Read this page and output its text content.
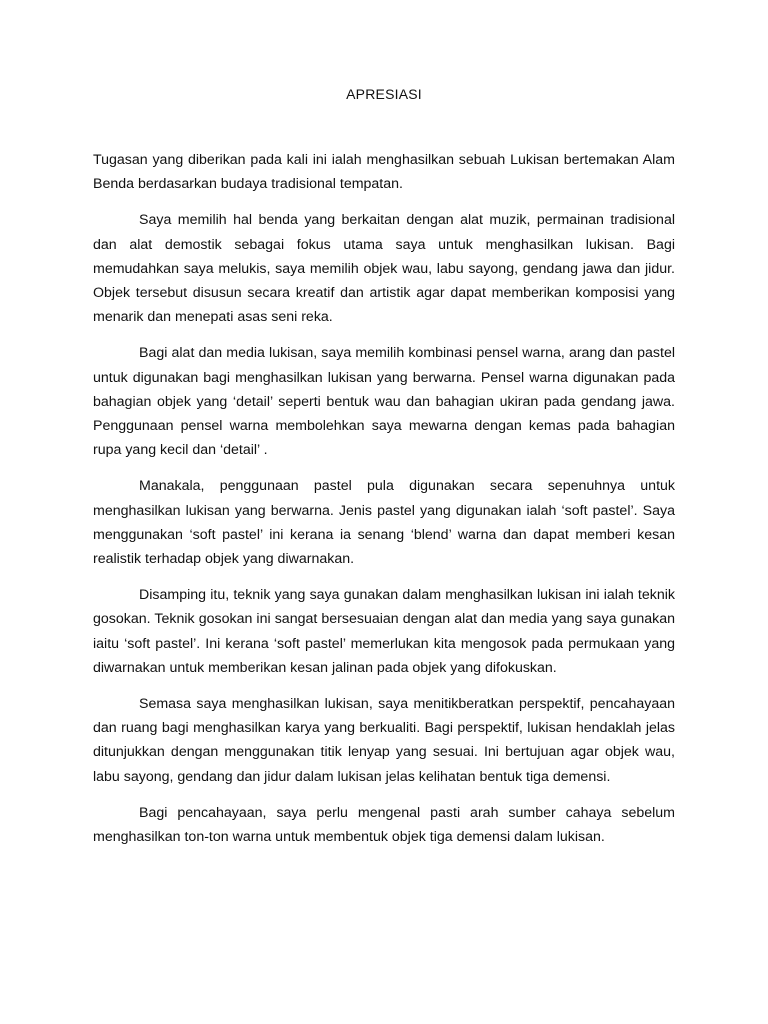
APRESIASI

Tugasan yang diberikan pada kali ini ialah menghasilkan sebuah Lukisan bertemakan Alam Benda berdasarkan budaya tradisional tempatan.

Saya memilih hal benda yang berkaitan dengan alat muzik, permainan tradisional dan alat demostik sebagai fokus utama saya untuk menghasilkan lukisan. Bagi memudahkan saya melukis, saya memilih objek wau, labu sayong, gendang jawa dan jidur. Objek tersebut disusun secara kreatif dan artistik agar dapat memberikan komposisi yang menarik dan menepati asas seni reka.

Bagi alat dan media lukisan, saya memilih kombinasi pensel warna, arang dan pastel untuk digunakan bagi menghasilkan lukisan yang berwarna. Pensel warna digunakan pada bahagian objek yang ‘detail’ seperti bentuk wau dan bahagian ukiran pada gendang jawa. Penggunaan pensel warna membolehkan saya mewarna dengan kemas pada bahagian rupa yang kecil dan ‘detail’ .

Manakala, penggunaan pastel pula digunakan secara sepenuhnya untuk menghasilkan lukisan yang berwarna. Jenis pastel yang digunakan ialah ‘soft pastel’. Saya menggunakan ‘soft pastel’ ini kerana ia senang ‘blend’ warna dan dapat memberi kesan realistik terhadap objek yang diwarnakan.

Disamping itu, teknik yang saya gunakan dalam menghasilkan lukisan ini ialah teknik gosokan. Teknik gosokan ini sangat bersesuaian dengan alat dan media yang saya gunakan iaitu ‘soft pastel’. Ini kerana ‘soft pastel’ memerlukan kita mengosok pada permukaan yang diwarnakan untuk memberikan kesan jalinan pada objek yang difokuskan.

Semasa saya menghasilkan lukisan, saya menitikberatkan perspektif, pencahayaan dan ruang bagi menghasilkan karya yang berkualiti. Bagi perspektif, lukisan hendaklah jelas ditunjukkan dengan menggunakan titik lenyap yang sesuai. Ini bertujuan agar objek wau, labu sayong, gendang dan jidur dalam lukisan jelas kelihatan bentuk tiga demensi.

Bagi pencahayaan, saya perlu mengenal pasti arah sumber cahaya sebelum menghasilkan ton-ton warna untuk membentuk objek tiga demensi dalam lukisan.
